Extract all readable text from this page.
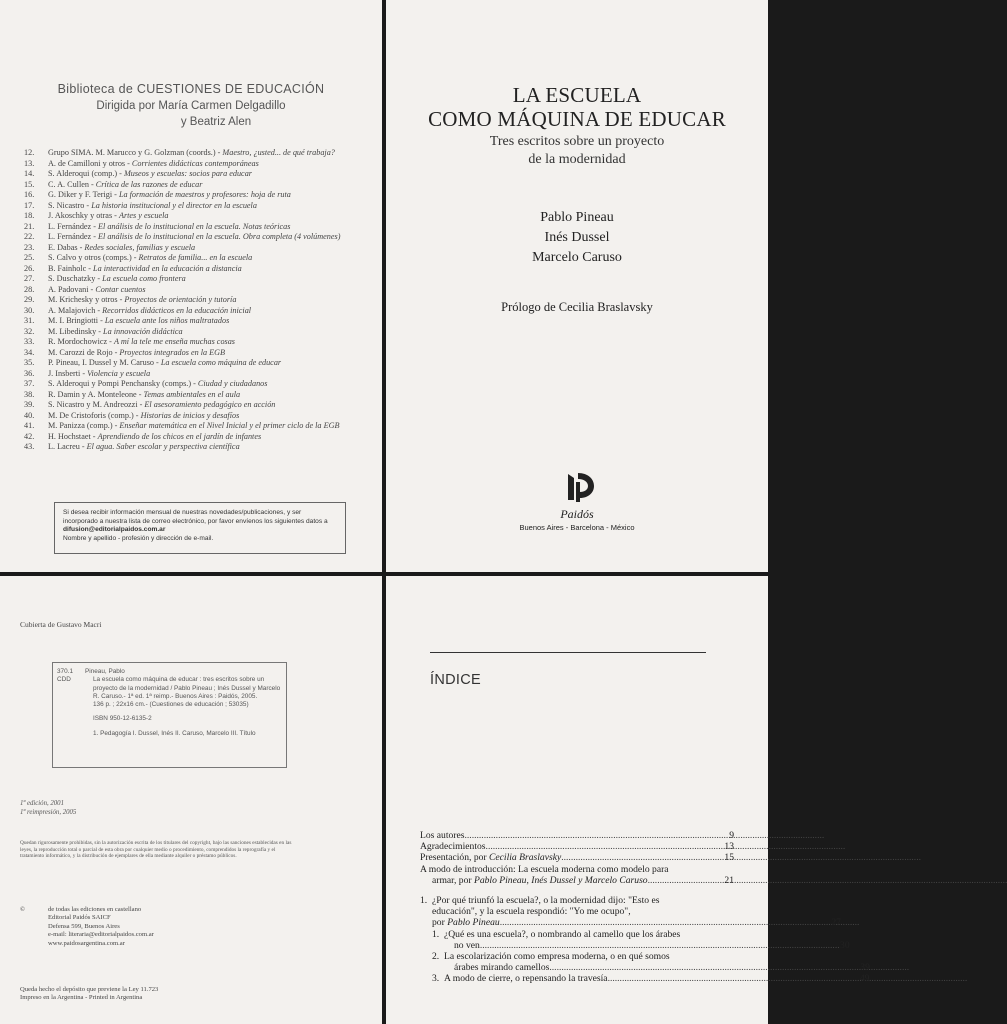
Biblioteca de CUESTIONES DE EDUCACIÓN
Dirigida por María Carmen Delgadillo
y Beatriz Alen
12.	Grupo SIMA. M. Marucco y G. Golzman (coords.) - Maestro, ¿usted... de qué trabaja?
13.	A. de Camilloni y otros - Corrientes didácticas contemporáneas
14.	S. Alderoqui (comp.) - Museos y escuelas: socios para educar
15.	C. A. Cullen - Crítica de las razones de educar
16.	G. Diker y F. Terigi - La formación de maestros y profesores: hoja de ruta
17.	S. Nicastro - La historia institucional y el director en la escuela
18.	J. Akoschky y otras - Artes y escuela
21.	L. Fernández - El análisis de lo institucional en la escuela. Notas teóricas
22.	L. Fernández - El análisis de lo institucional en la escuela. Obra completa (4 volúmenes)
23.	E. Dabas - Redes sociales, familias y escuela
25.	S. Calvo y otros (comps.) - Retratos de familia... en la escuela
26.	B. Fainholc - La interactividad en la educación a distancia
27.	S. Duschatzky - La escuela como frontera
28.	A. Padovani - Contar cuentos
29.	M. Krichesky y otros - Proyectos de orientación y tutoría
30.	A. Malajovich - Recorridos didácticos en la educación inicial
31.	M. I. Bringiotti - La escuela ante los niños maltratados
32.	M. Libedinsky - La innovación didáctica
33.	R. Mordochowicz - A mí la tele me enseña muchas cosas
34.	M. Carozzi de Rojo - Proyectos integrados en la EGB
35.	P. Pineau, I. Dussel y M. Caruso - La escuela como máquina de educar
36.	J. Insberti - Violencia y escuela
37.	S. Alderoqui y Pompi Penchansky (comps.) - Ciudad y ciudadanos
38.	R. Damin y A. Monteleone - Temas ambientales en el aula
39.	S. Nicastro y M. Andreozzi - El asesoramiento pedagógico en acción
40.	M. De Cristoforis (comp.) - Historias de inicios y desafíos
41.	M. Panizza (comp.) - Enseñar matemática en el Nivel Inicial y el primer ciclo de la EGB
42.	H. Hochstaet - Aprendiendo de los chicos en el jardín de infantes
43.	L. Lacreu - El agua. Saber escolar y perspectiva científica
Si desea recibir información mensual de nuestras novedades/publicaciones, y ser incorporado a nuestra lista de correo electrónico, por favor envíenos los siguientes datos a difusion@editorialpaidos.com.ar
Nombre y apellido - profesión y dirección de e-mail.
LA ESCUELA
COMO MÁQUINA DE EDUCAR
Tres escritos sobre un proyecto
de la modernidad
Pablo Pineau
Inés Dussel
Marcelo Caruso
Prólogo de Cecilia Braslavsky
Paidós
Buenos Aires - Barcelona - México
Cubierta de Gustavo Macri
370.1
CDD
Pineau, Pablo
La escuela como máquina de educar : tres escritos sobre un proyecto de la modernidad / Pablo Pineau ; Inés Dussel y Marcelo R. Caruso.- 1ª ed. 1ª reimp.- Buenos Aires : Paidós, 2005.
136 p. ; 22x16 cm.- (Cuestiones de educación ; 53035)
ISBN 950-12-6135-2
1. Pedagogía I. Dussel, Inés II. Caruso, Marcelo III. Título
1ª edición, 2001
1ª reimpresión, 2005
Quedan rigurosamente prohibidas, sin la autorización escrita de los titulares del copyright, bajo las sanciones establecidas en las leyes, la reproducción total o parcial de esta obra por cualquier medio o procedimiento, comprendidos la reprografía y el tratamiento informático, y la distribución de ejemplares de ella mediante alquiler o préstamo públicos.
©	de todas las ediciones en castellano
Editorial Paidós SAICF
Defensa 599, Buenos Aires
e-mail: literaria@editorialpaidos.com.ar
www.paidosargentina.com.ar
Queda hecho el depósito que previene la Ley 11.723
Impreso en la Argentina - Printed in Argentina
ÍNDICE
Los autores .....	9
Agradecimientos .....	13
Presentación, por Cecilia Braslavsky .....	15
A modo de introducción: La escuela moderna como modelo para
armar, por Pablo Pineau, Inés Dussel y Marcelo Caruso .....	21
1. ¿Por qué triunfó la escuela?, o la modernidad dijo: "Esto es
educación", y la escuela respondió: "Yo me ocupo",
por Pablo Pineau .....	27
1. ¿Qué es una escuela?, o nombrando al camello que los árabes
no ven .....	30
2. La escolarización como empresa moderna, o en qué somos
árabes mirando camellos .....	39
3. A modo de cierre, o repensando la travesía .....	49
